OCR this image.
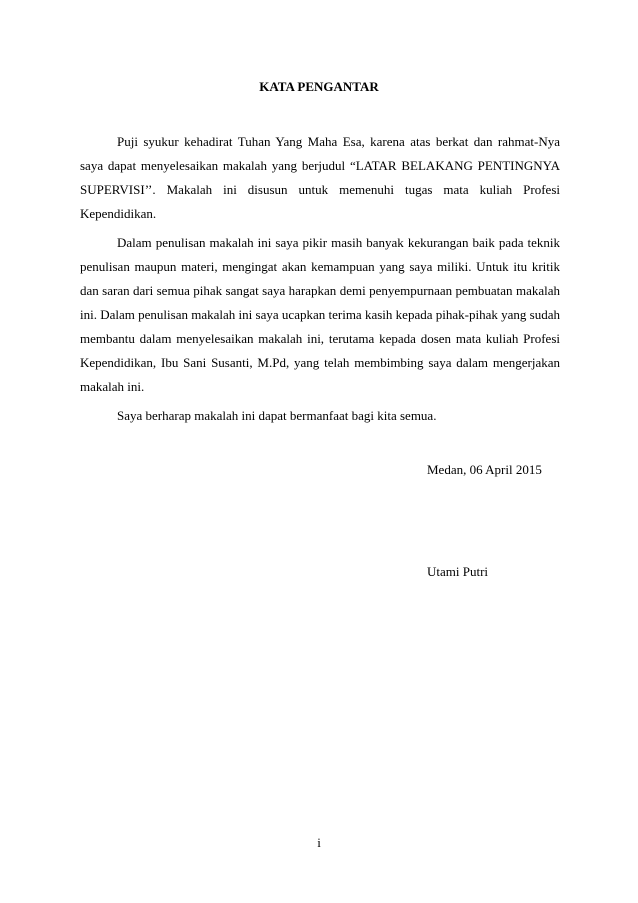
KATA PENGANTAR

Puji syukur kehadirat Tuhan Yang Maha Esa, karena atas berkat dan rahmat-Nya saya dapat menyelesaikan makalah yang berjudul “LATAR BELAKANG PENTINGNYA SUPERVISI’’. Makalah ini disusun untuk memenuhi tugas mata kuliah Profesi Kependidikan.

Dalam penulisan makalah ini saya pikir masih banyak kekurangan baik pada teknik penulisan maupun materi, mengingat akan kemampuan yang saya miliki. Untuk itu kritik dan saran dari semua pihak sangat saya harapkan demi penyempurnaan pembuatan makalah ini. Dalam penulisan makalah ini saya ucapkan terima kasih kepada pihak-pihak yang sudah membantu dalam menyelesaikan makalah ini, terutama kepada dosen mata kuliah Profesi Kependidikan, Ibu Sani Susanti, M.Pd, yang telah membimbing saya dalam mengerjakan makalah ini.

Saya berharap makalah ini dapat bermanfaat bagi kita semua.

Medan, 06 April 2015
Utami Putri
i
